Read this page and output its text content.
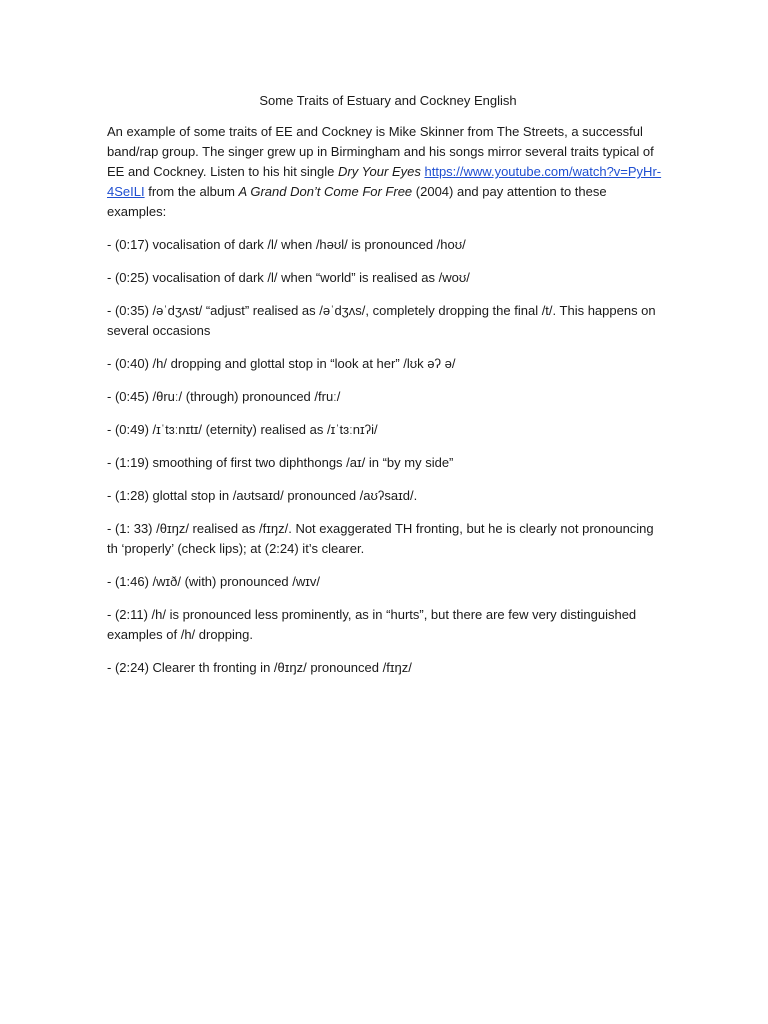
Some Traits of Estuary and Cockney English

An example of some traits of EE and Cockney is Mike Skinner from The Streets, a successful band/rap group. The singer grew up in Birmingham and his songs mirror several traits typical of EE and Cockney. Listen to his hit single Dry Your Eyes https://www.youtube.com/watch?v=PyHr-4SeILI from the album A Grand Don’t Come For Free (2004) and pay attention to these examples:

- (0:17) vocalisation of dark /l/ when /həʊl/ is pronounced /hoʊ/

- (0:25) vocalisation of dark /l/ when “world” is realised as /woʊ/

- (0:35) /əˈdʒʌst/ “adjust” realised as /əˈdʒʌs/, completely dropping the final /t/. This happens on several occasions

- (0:40) /h/ dropping and glottal stop in “look at her” /lʊk əʔ ə/

- (0:45) /θruː/ (through) pronounced /fruː/

- (0:49) /ɪˈtɜːnɪtɪ/ (eternity) realised as /ɪˈtɜːnɪʔi/

- (1:19) smoothing of first two diphthongs /aɪ/ in “by my side”

- (1:28) glottal stop in /aʊtsaɪd/ pronounced /aʊʔsaɪd/.

- (1: 33) /θɪŋz/ realised as /fɪŋz/. Not exaggerated TH fronting, but he is clearly not pronouncing th ‘properly’ (check lips); at (2:24) it’s clearer.

- (1:46) /wɪð/ (with) pronounced /wɪv/

- (2:11) /h/ is pronounced less prominently, as in “hurts”, but there are few very distinguished examples of /h/ dropping.

- (2:24) Clearer th fronting in /θɪŋz/ pronounced /fɪŋz/
